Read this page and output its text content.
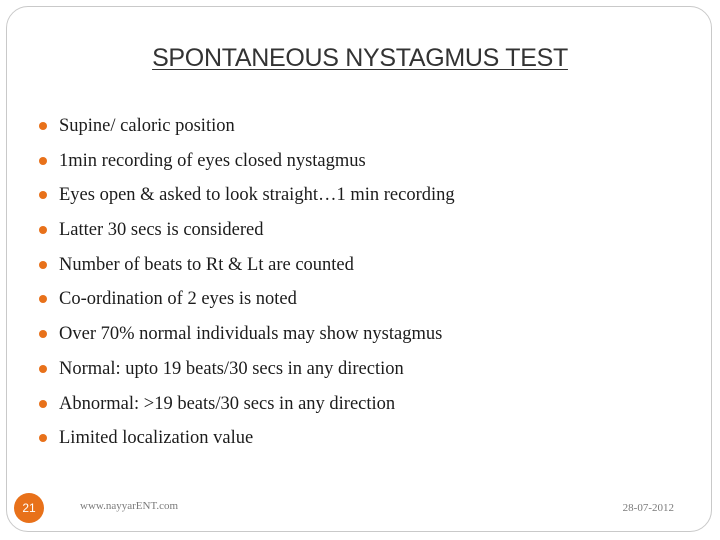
SPONTANEOUS NYSTAGMUS TEST
Supine/ caloric position
1min recording of eyes closed nystagmus
Eyes open & asked to look straight…1 min recording
Latter 30 secs is considered
Number of beats to Rt & Lt are counted
Co-ordination of 2 eyes is noted
Over 70% normal individuals may show nystagmus
Normal: upto 19 beats/30 secs in any direction
Abnormal: >19 beats/30 secs in any direction
Limited localization value
21	www.nayyarENT.com	28-07-2012
